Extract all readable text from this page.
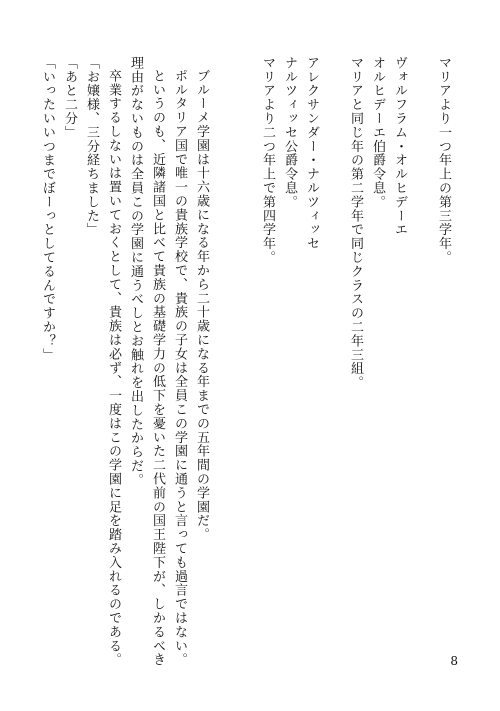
マリアより一つ年上の第三学年。
ヴォルフラム・オルヒデーエ
オルヒデーエ伯爵令息。
マリアと同じ年の第二学年で同じクラスの二年三組。
アレクサンダー・ナルツィッセ
ナルツィッセ公爵令息。
マリアより二つ年上で第四学年。
ブルーメ学園は十六歳になる年から二十歳になる年までの五年間の学園だ。
ポルタリア国で唯一の貴族学校で、貴族の子女は全員この学園に通うと言っても過言ではない。
というのも、近隣諸国と比べて貴族の基礎学力の低下を憂いた二代前の国王陛下が、しかるべき
理由がないものは全員この学園に通うべしとお触れを出したからだ。
卒業するしないは置いておくとして、貴族は必ず、一度はこの学園に足を踏み入れるのである。
「お嬢様、三分経ちました」
「あと二分」
「いったいいつまでぼーっとしてるんですか？」
8
